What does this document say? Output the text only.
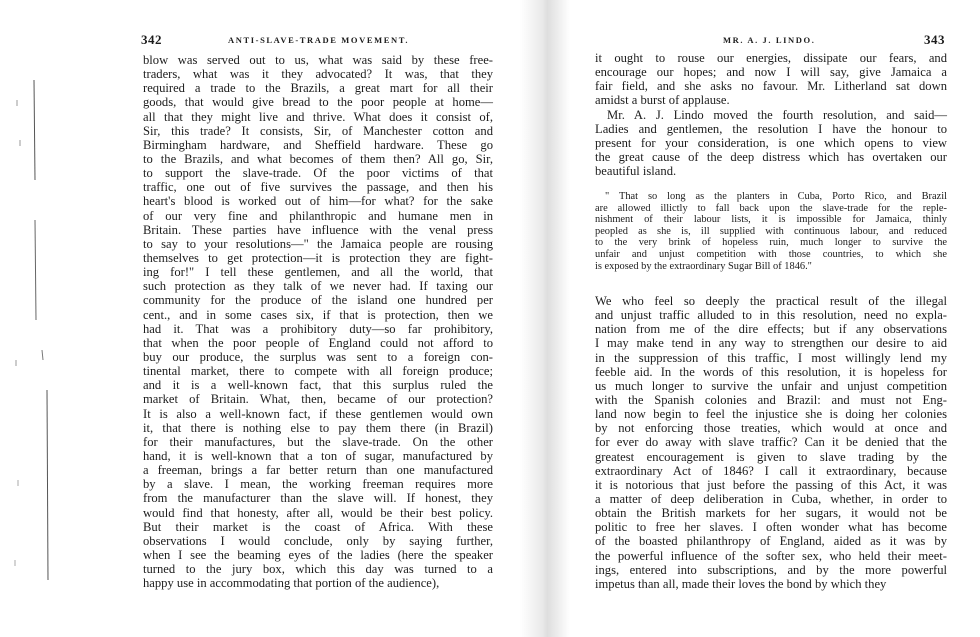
342	ANTI-SLAVE-TRADE MOVEMENT.
blow was served out to us, what was said by these free-
traders, what was it they advocated? It was, that they
required a trade to the Brazils, a great mart for all their
goods, that would give bread to the poor people at home—
all that they might live and thrive. What does it consist of,
Sir, this trade? It consists, Sir, of Manchester cotton and
Birmingham hardware, and Sheffield hardware. These go
to the Brazils, and what becomes of them then? All go, Sir,
to support the slave-trade. Of the poor victims of that
traffic, one out of five survives the passage, and then his
heart's blood is worked out of him—for what? for the sake
of our very fine and philanthropic and humane men in
Britain. These parties have influence with the venal press
to say to your resolutions—" the Jamaica people are rousing
themselves to get protection—it is protection they are fight-
ing for!" I tell these gentlemen, and all the world, that
such protection as they talk of we never had. If taxing our
community for the produce of the island one hundred per
cent., and in some cases six, if that is protection, then we
had it. That was a prohibitory duty—so far prohibitory,
that when the poor people of England could not afford to
buy our produce, the surplus was sent to a foreign con-
tinental market, there to compete with all foreign produce;
and it is a well-known fact, that this surplus ruled the
market of Britain. What, then, became of our protection?
It is also a well-known fact, if these gentlemen would own
it, that there is nothing else to pay them there (in Brazil)
for their manufactures, but the slave-trade. On the other
hand, it is well-known that a ton of sugar, manufactured by
a freeman, brings a far better return than one manufactured
by a slave. I mean, the working freeman requires more
from the manufacturer than the slave will. If honest, they
would find that honesty, after all, would be their best policy.
But their market is the coast of Africa. With these
observations I would conclude, only by saying further,
when I see the beaming eyes of the ladies (here the speaker
turned to the jury box, which this day was turned to a
happy use in accommodating that portion of the audience),
MR. A. J. LINDO.	343
it ought to rouse our energies, dissipate our fears, and
encourage our hopes; and now I will say, give Jamaica a
fair field, and she asks no favour. Mr. Litherland sat down
amidst a burst of applause.
Mr. A. J. Lindo moved the fourth resolution, and said—
Ladies and gentlemen, the resolution I have the honour to
present for your consideration, is one which opens to view
the great cause of the deep distress which has overtaken our
beautiful island.
" That so long as the planters in Cuba, Porto Rico, and Brazil
are allowed illictly to fall back upon the slave-trade for the reple-
nishment of their labour lists, it is impossible for Jamaica, thinly
peopled as she is, ill supplied with continuous labour, and reduced
to the very brink of hopeless ruin, much longer to survive the
unfair and unjust competition with those countries, to which she
is exposed by the extraordinary Sugar Bill of 1846."
We who feel so deeply the practical result of the illegal
and unjust traffic alluded to in this resolution, need no expla-
nation from me of the dire effects; but if any observations
I may make tend in any way to strengthen our desire to aid
in the suppression of this traffic, I most willingly lend my
feeble aid. In the words of this resolution, it is hopeless for
us much longer to survive the unfair and unjust competition
with the Spanish colonies and Brazil: and must not Eng-
land now begin to feel the injustice she is doing her colonies
by not enforcing those treaties, which would at once and
for ever do away with slave traffic? Can it be denied that the
greatest encouragement is given to slave trading by the
extraordinary Act of 1846? I call it extraordinary, because
it is notorious that just before the passing of this Act, it was
a matter of deep deliberation in Cuba, whether, in order to
obtain the British markets for her sugars, it would not be
politic to free her slaves. I often wonder what has become
of the boasted philanthropy of England, aided as it was by
the powerful influence of the softer sex, who held their meet-
ings, entered into subscriptions, and by the more powerful
impetus than all, made their loves the bond by which they
